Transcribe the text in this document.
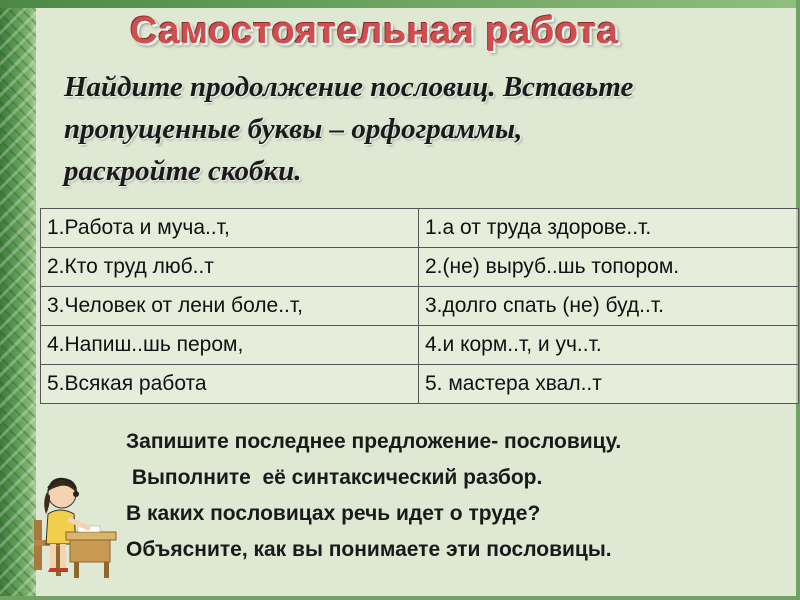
Самостоятельная работа
Найдите продолжение пословиц. Вставьте
пропущенные буквы – орфограммы,
раскройте скобки.
1.Работа и муча..т,	1.а от труда здорове..т.
2.Кто труд люб..т	2.(не) выруб..шь топором.
3.Человек от лени боле..т,	3.долго спать (не) буд..т.
4.Напиш..шь пером,	4.и корм..т, и уч..т.
5.Всякая работа	5. мастера хвал..т
Запишите последнее предложение- пословицу.
Выполните  её синтаксический разбор.
В каких пословицах речь идет о труде?
Объясните, как вы понимаете эти пословицы.
